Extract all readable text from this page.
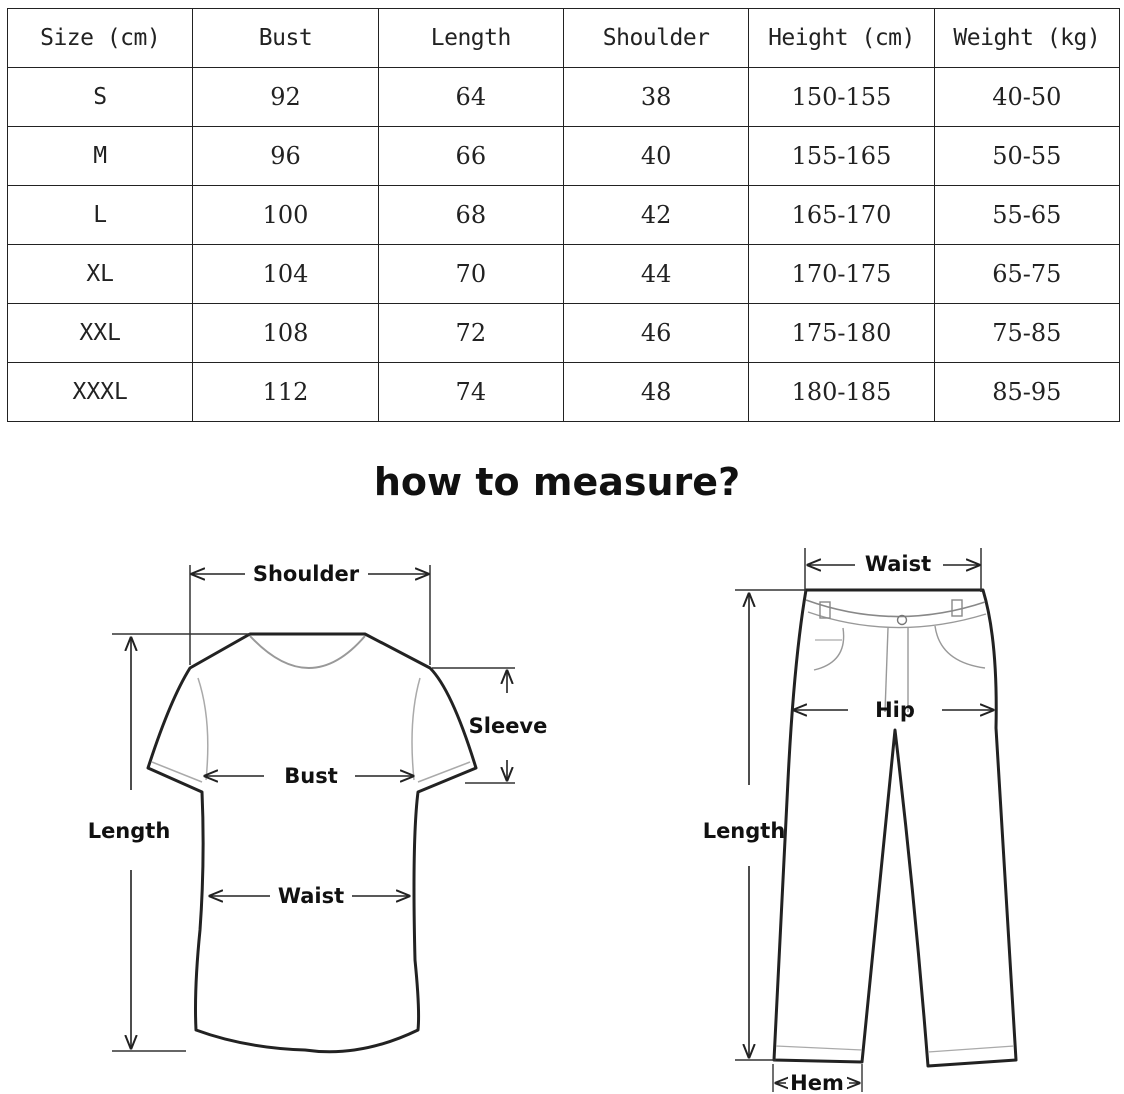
Size (cm)	Bust	Length	Shoulder	Height (cm)	Weight (kg)
S	92	64	38	150-155	40-50
M	96	66	40	155-165	50-55
L	100	68	42	165-170	55-65
XL	104	70	44	170-175	65-75
XXL	108	72	46	175-180	75-85
XXXL	112	74	48	180-185	85-95
how to measure?
Shoulder
Length
Sleeve
Bust
Waist
Waist
Hip
Length
Hem
